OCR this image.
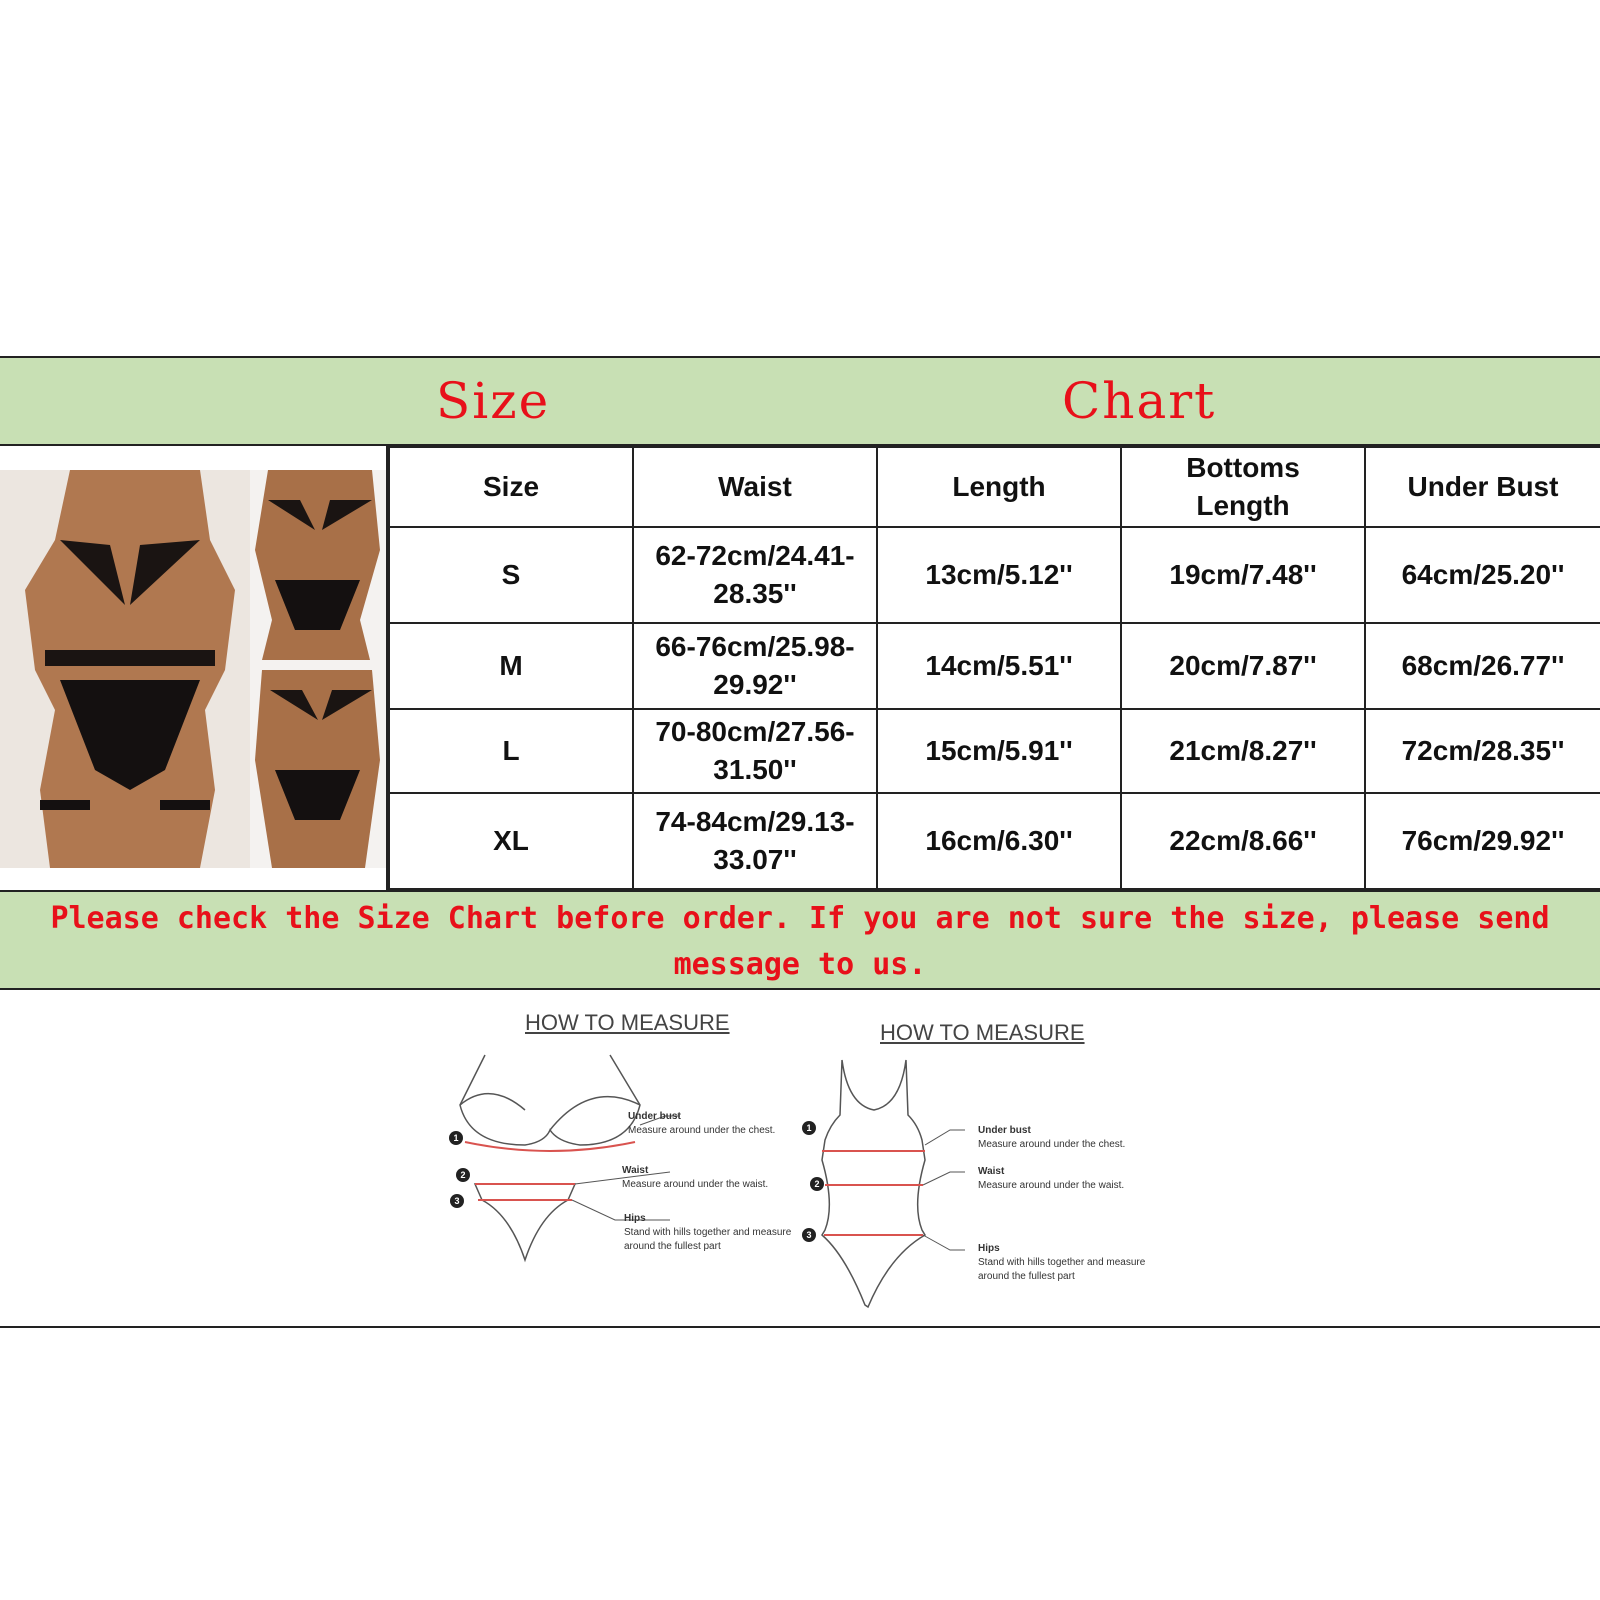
Size	Chart
Size	Waist	Length	Bottoms Length	Under Bust
S	62-72cm/24.41-28.35''	13cm/5.12''	19cm/7.48''	64cm/25.20''
M	66-76cm/25.98-29.92''	14cm/5.51''	20cm/7.87''	68cm/26.77''
L	70-80cm/27.56-31.50''	15cm/5.91''	21cm/8.27''	72cm/28.35''
XL	74-84cm/29.13-33.07''	16cm/6.30''	22cm/8.66''	76cm/29.92''
Please check the Size Chart before order. If you are not sure the size, please send message to us.
HOW TO MEASURE
1
2
3
Under bust
Measure around under the chest.
Waist
Measure around under the waist.
Hips
Stand with hills together and measure around the fullest part
HOW TO MEASURE
1
2
3
Under bust
Measure around under the chest.
Waist
Measure around under the waist.
Hips
Stand with hills together and measure around the fullest part
